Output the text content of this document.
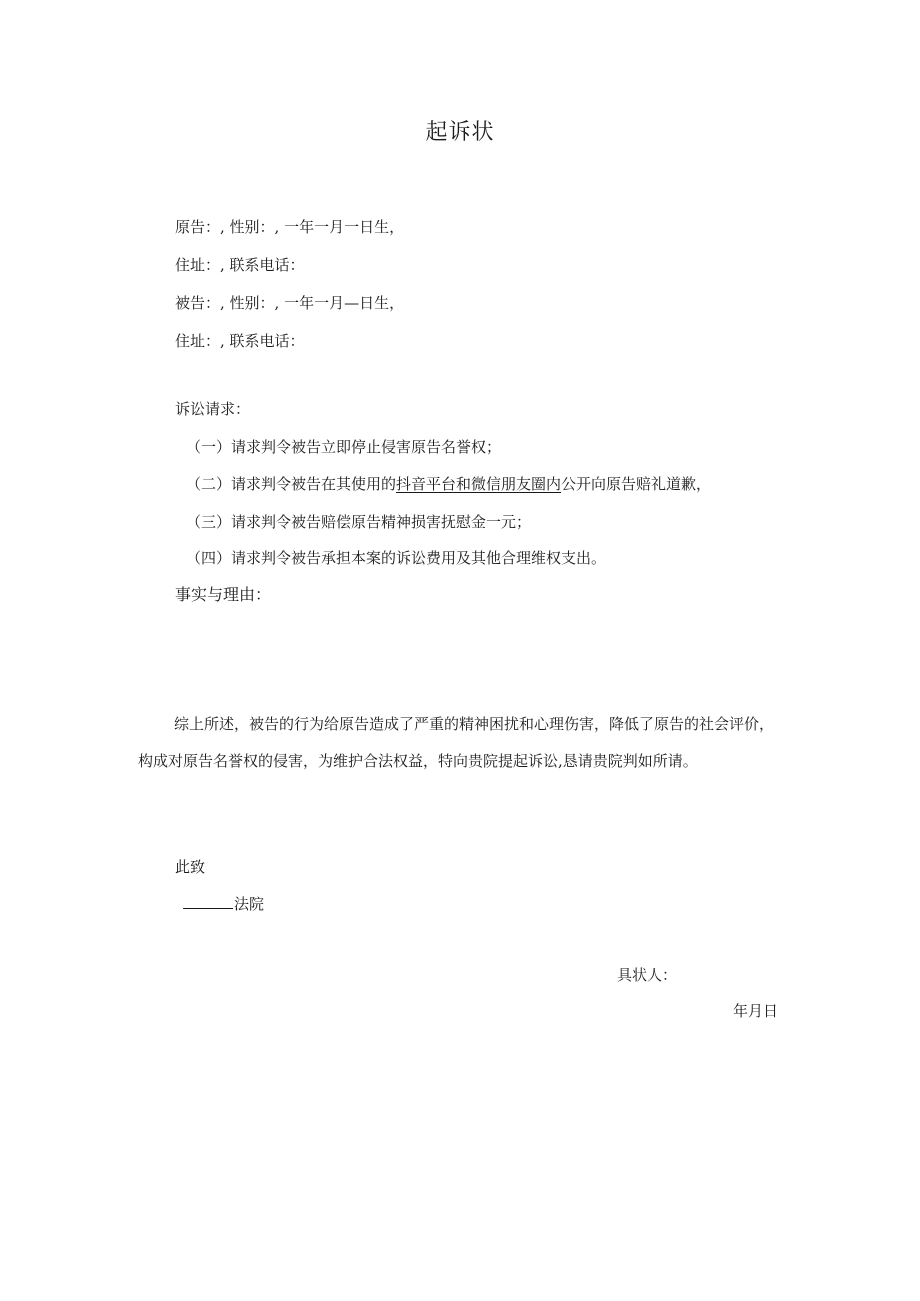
起诉状
原告：, 性别：, 一年一月一日生，
住址：, 联系电话：
被告：, 性别：, 一年一月—日生，
住址：, 联系电话：
诉讼请求：
（一）请求判令被告立即停止侵害原告名誉权；
（二）请求判令被告在其使用的抖音平台和微信朋友圈内公开向原告赔礼道歉，
（三）请求判令被告赔偿原告精神损害抚慰金一元；
（四）请求判令被告承担本案的诉讼费用及其他合理维权支出。
事实与理由：
综上所述，被告的行为给原告造成了严重的精神困扰和心理伤害，降低了原告的社会评价，构成对原告名誉权的侵害，为维护合法权益，特向贵院提起诉讼,恳请贵院判如所请。
此致
法院
具状人：
年月日
